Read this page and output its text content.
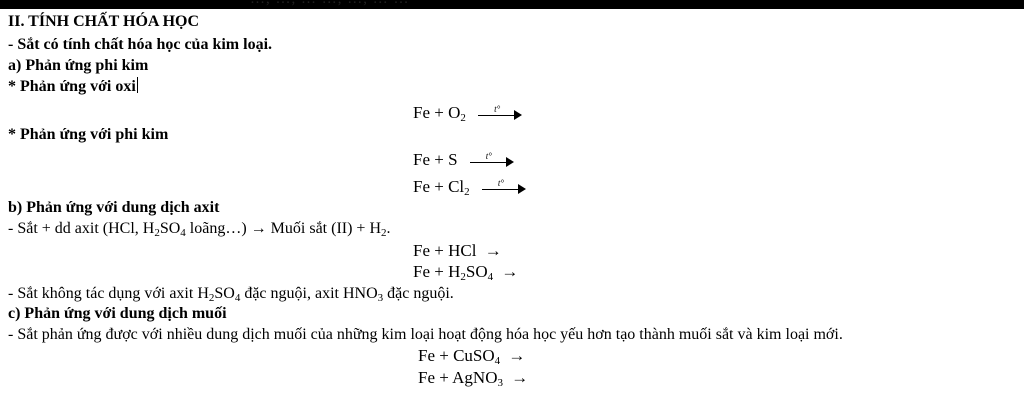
II. TÍNH CHẤT HÓA HỌC
- Sắt có tính chất hóa học của kim loại.
a) Phản ứng phi kim
* Phản ứng với oxi
$Fe + O_2$
t°
* Phản ứng với phi kim
Fe + S	t°
$Fe + Cl_2$
t°
b) Phản ứng với dung dịch axit
- Sắt + dd axit (HCl, $H_2SO_4$ loãng…) → Muối sắt $(II) + H_2$.
Fe + HCl →
$Fe + H_2SO_4$ →
- Sắt không tác dụng với axit $H_2SO_4$ đặc nguội, axit $HNO_3$ đặc nguội.
c) Phản ứng với dung dịch muối
- Sắt phản ứng được với nhiều dung dịch muối của những kim loại hoạt động hóa học yếu hơn tạo thành muối sắt và kim loại mới.
Fe + CuSO$_4$ →
Fe + AgNO$_3$ →
